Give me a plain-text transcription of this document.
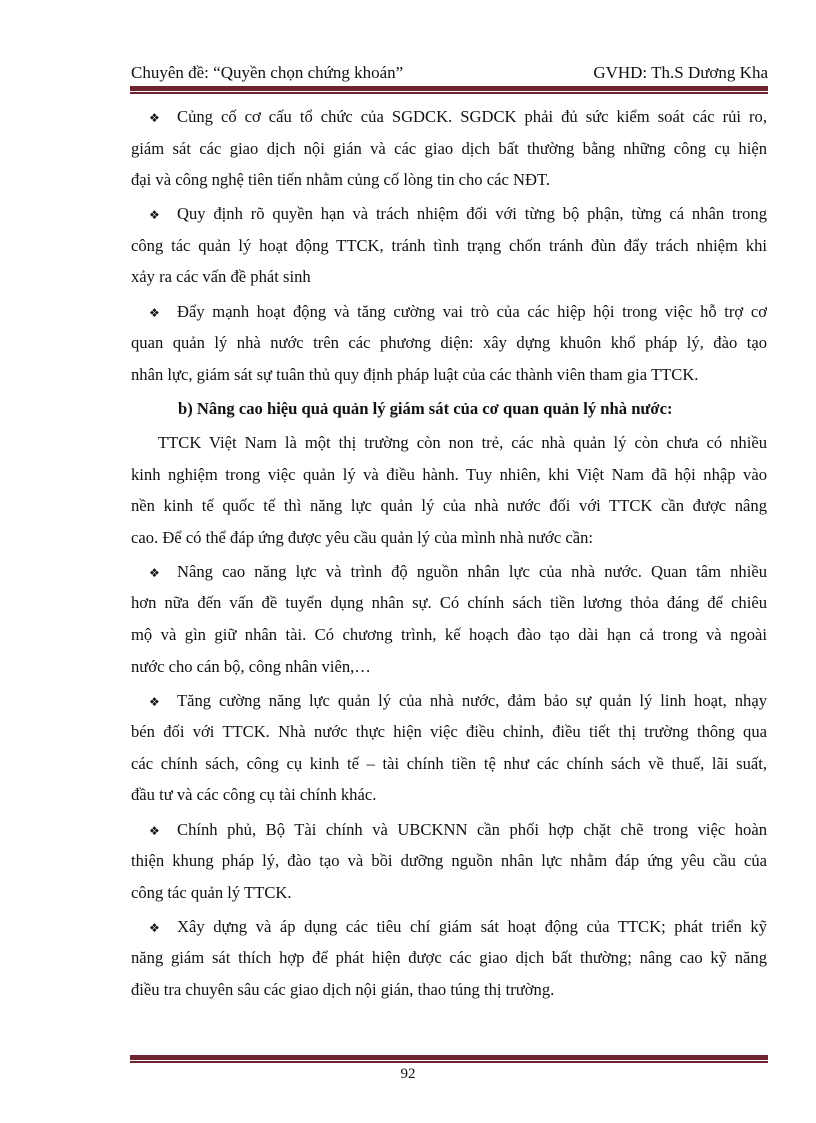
Chuyên đề: “Quyền chọn chứng khoán”	GVHD: Th.S Dương Kha
❖ Củng cố cơ cấu tổ chức của SGDCK. SGDCK phải đủ sức kiểm soát các rủi ro,
giám sát các giao dịch nội gián và các giao dịch bất thường bằng những công cụ hiện
đại và công nghệ tiên tiến nhằm củng cố lòng tin cho các NĐT.
❖ Quy định rõ quyền hạn và trách nhiệm đối với từng bộ phận, từng cá nhân trong
công tác quản lý hoạt động TTCK, tránh tình trạng chốn tránh đùn đẩy trách nhiệm khi
xảy ra các vấn đề phát sinh
❖ Đẩy mạnh hoạt động và tăng cường vai trò của các hiệp hội trong việc hỗ trợ cơ
quan quản lý nhà nước trên các phương diện: xây dựng khuôn khổ pháp lý, đào tạo
nhân lực, giám sát sự tuân thủ quy định pháp luật của các thành viên tham gia TTCK.
b) Nâng cao hiệu quả quản lý giám sát của cơ quan quản lý nhà nước:
TTCK Việt Nam là một thị trường còn non trẻ, các nhà quản lý còn chưa có nhiều
kinh nghiệm trong việc quản lý và điều hành. Tuy nhiên, khi Việt Nam đã hội nhập vào
nền kinh tế quốc tế thì năng lực quản lý của nhà nước đối với TTCK cần được nâng
cao. Để có thể đáp ứng được yêu cầu quản lý của mình nhà nước cần:
❖ Nâng cao năng lực và trình độ nguồn nhân lực của nhà nước. Quan tâm nhiều
hơn nữa đến vấn đề tuyển dụng nhân sự. Có chính sách tiền lương thỏa đáng để chiêu
mộ và gìn giữ nhân tài. Có chương trình, kế hoạch đào tạo dài hạn cả trong và ngoài
nước cho cán bộ, công nhân viên,…
❖ Tăng cường năng lực quản lý của nhà nước, đảm bảo sự quản lý linh hoạt, nhạy
bén đối với TTCK. Nhà nước thực hiện việc điều chỉnh, điều tiết thị trường thông qua
các chính sách, công cụ kinh tế – tài chính tiền tệ như các chính sách về thuế, lãi suất,
đầu tư và các công cụ tài chính khác.
❖ Chính phủ, Bộ Tài chính và UBCKNN cần phối hợp chặt chẽ trong việc hoàn
thiện khung pháp lý, đào tạo và bồi dưỡng nguồn nhân lực nhằm đáp ứng yêu cầu của
công tác quản lý TTCK.
❖ Xây dựng và áp dụng các tiêu chí giám sát hoạt động của TTCK; phát triển kỹ
năng giám sát thích hợp để phát hiện được các giao dịch bất thường; nâng cao kỹ năng
điều tra chuyên sâu các giao dịch nội gián, thao túng thị trường.
92
